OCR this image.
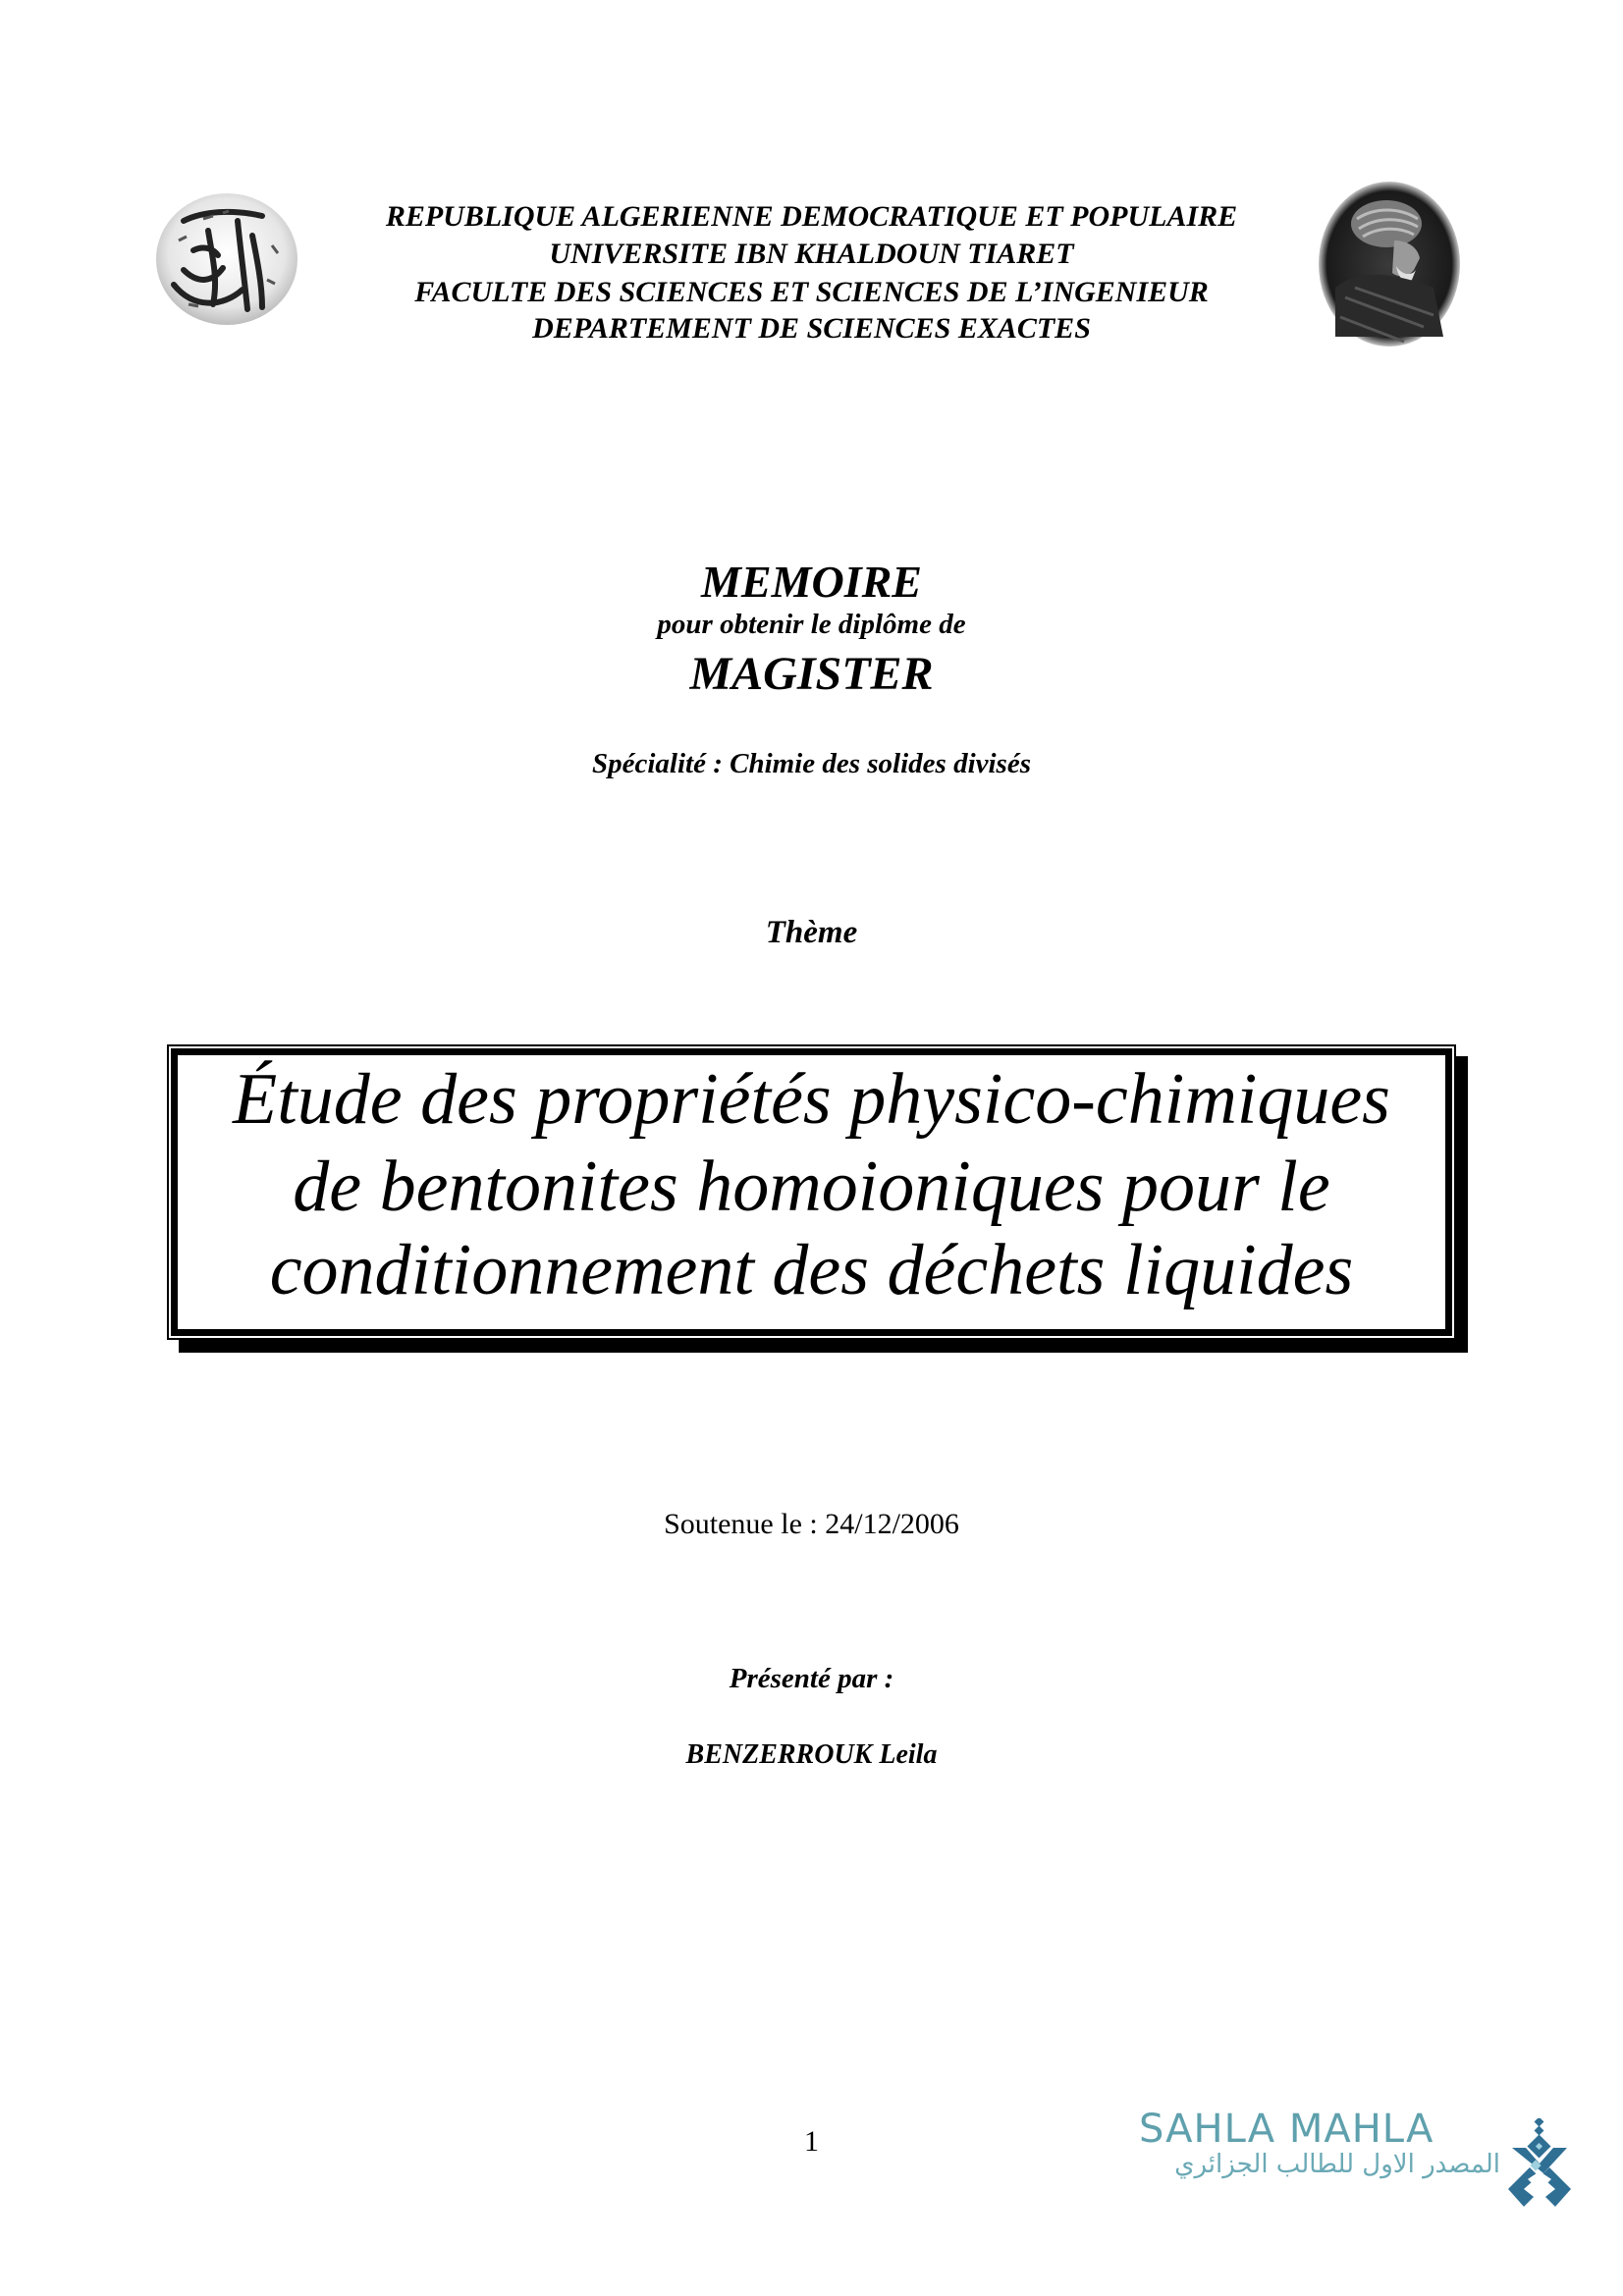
REPUBLIQUE ALGERIENNE DEMOCRATIQUE ET POPULAIRE
UNIVERSITE IBN KHALDOUN TIARET
FACULTE DES SCIENCES ET SCIENCES DE L’INGENIEUR
DEPARTEMENT DE SCIENCES EXACTES
MEMOIRE
pour obtenir le diplôme de
MAGISTER
Spécialité : Chimie des solides divisés
Thème
Étude des propriétés physico-chimiques
de bentonites homoioniques pour le
conditionnement des déchets liquides
Soutenue le : 24/12/2006
Présenté par :
BENZERROUK Leila
1	SAHLA MAHLA
المصدر الاول للطالب الجزائري
